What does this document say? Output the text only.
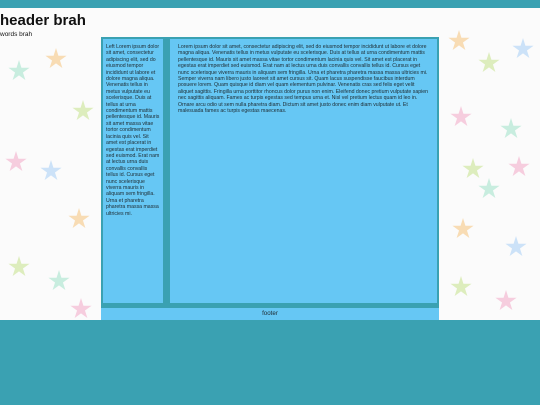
header brah

words brah

Left Lorem ipsum dolor sit amet, consectetur adipiscing elit, sed do eiusmod tempor incididunt ut labore et dolore magna aliqua. Venenatis tellus in metus vulputate eu scelerisque. Duis at tellus at urna condimentum mattis pellentesque id. Mauris sit amet massa vitae tortor condimentum lacinia quis vel. Sit amet est placerat in egestas erat imperdiet sed euismod. Erat nam at lectus urna duis convallis convallis tellus id. Cursus eget nunc scelerisque viverra mauris in aliquam sem fringilla. Urna et pharetra pharetra massa massa ultricies mi.
Lorem ipsum dolor sit amet, consectetur adipiscing elit, sed do eiusmod tempor incididunt ut labore et dolore magna aliqua. Venenatis tellus in metus vulputate eu scelerisque. Duis at tellus at urna condimentum mattis pellentesque id. Mauris sit amet massa vitae tortor condimentum lacinia quis vel. Sit amet est placerat in egestas erat imperdiet sed euismod. Erat nam at lectus urna duis convallis convallis tellus id. Cursus eget nunc scelerisque viverra mauris in aliquam sem fringilla. Urna et pharetra pharetra massa massa ultricies mi. Semper viverra nam libero justo laoreet sit amet cursus sit. Quam lacus suspendisse faucibus interdum posuere lorem. Quam quisque id diam vel quam elementum pulvinar. Venenatis cras sed felis eget velit aliquet sagittis. Fringilla urna porttitor rhoncus dolor purus non enim. Eleifend donec pretium vulputate sapien nec sagittis aliquam. Fames ac turpis egestas sed tempus urna et. Nisl vel pretium lectus quam id leo in. Ornare arcu odio ut sem nulla pharetra diam. Dictum sit amet justo donec enim diam vulputate ut. Et malesuada fames ac turpis egestas maecenas.
footer
